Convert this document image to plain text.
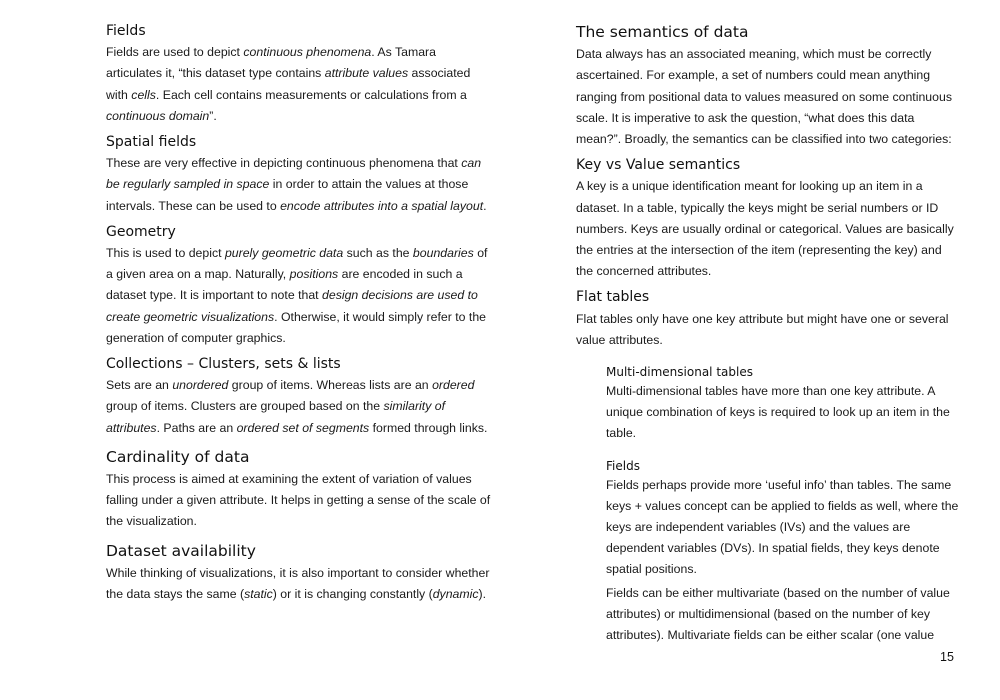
Fields

Fields are used to depict continuous phenomena. As Tamara articulates it, “this dataset type contains attribute values associated with cells. Each cell contains measurements or calculations from a continuous domain”.

Spatial fields

These are very effective in depicting continuous phenomena that can be regularly sampled in space in order to attain the values at those intervals. These can be used to encode attributes into a spatial layout.

Geometry

This is used to depict purely geometric data such as the boundaries of a given area on a map. Naturally, positions are encoded in such a dataset type. It is important to note that design decisions are used to create geometric visualizations. Otherwise, it would simply refer to the generation of computer graphics.

Collections – Clusters, sets & lists

Sets are an unordered group of items. Whereas lists are an ordered group of items. Clusters are grouped based on the similarity of attributes. Paths are an ordered set of segments formed through links.

Cardinality of data

This process is aimed at examining the extent of variation of values falling under a given attribute. It helps in getting a sense of the scale of the visualization.

Dataset availability

While thinking of visualizations, it is also important to consider whether the data stays the same (static) or it is changing constantly (dynamic).

The semantics of data

Data always has an associated meaning, which must be correctly ascertained. For example, a set of numbers could mean anything ranging from positional data to values measured on some continuous scale. It is imperative to ask the question, “what does this data mean?”. Broadly, the semantics can be classified into two categories:

Key vs Value semantics

A key is a unique identification meant for looking up an item in a dataset. In a table, typically the keys might be serial numbers or ID numbers. Keys are usually ordinal or categorical. Values are basically the entries at the intersection of the item (representing the key) and the concerned attributes.

Flat tables

Flat tables only have one key attribute but might have one or several value attributes.

Multi-dimensional tables

Multi-dimensional tables have more than one key attribute. A unique combination of keys is required to look up an item in the table.

Fields

Fields perhaps provide more ‘useful info’ than tables. The same keys + values concept can be applied to fields as well, where the keys are independent variables (IVs) and the values are dependent variables (DVs). In spatial fields, they keys denote spatial positions.

Fields can be either multivariate (based on the number of value attributes) or multidimensional (based on the number of key attributes). Multivariate fields can be either scalar (one value

15
